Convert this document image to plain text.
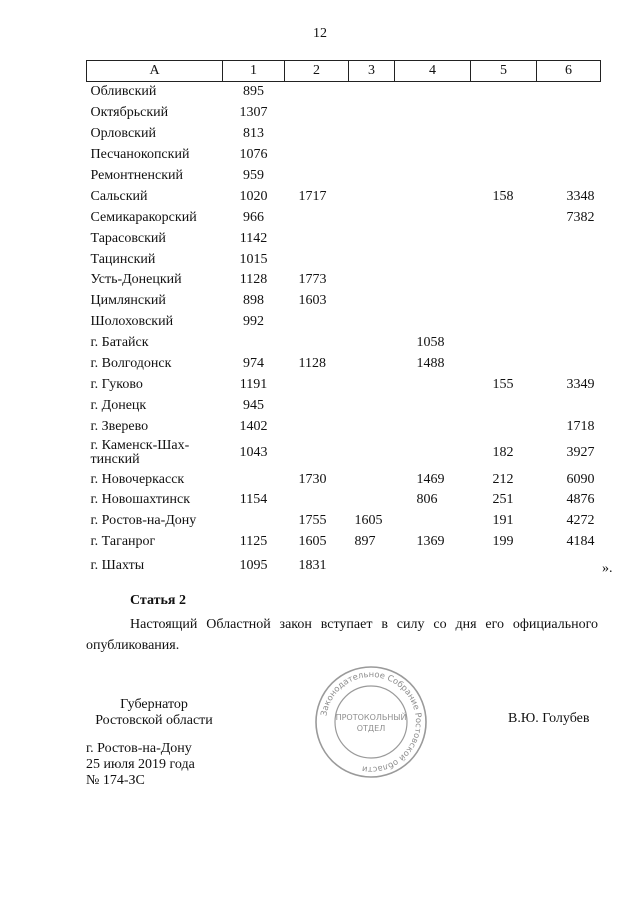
12
А	1	2	3	4	5	6
Обливский	895					
Октябрьский	1307					
Орловский	813					
Песчанокопский	1076					
Ремонтненский	959					
Сальский	1020	1717			158	3348
Семикаракорский	966					7382
Тарасовский	1142					
Тацинский	1015					
Усть-Донецкий	1128	1773				
Цимлянский	898	1603				
Шолоховский	992					
г. Батайск				1058		
г. Волгодонск	974	1128		1488		
г. Гуково	1191				155	3349
г. Донецк	945					
г. Зверево	1402					1718
г. Каменск-Шах-
тинский	1043				182	3927
г. Новочеркасск		1730		1469	212	6090
г. Новошахтинск	1154			806	251	4876
г. Ростов-на-Дону		1755	1605		191	4272
г. Таганрог	1125	1605	897	1369	199	4184
г. Шахты	1095	1831					».
Статья 2
Настоящий Областной закон вступает в силу со дня его официального опубликования.
Губернатор
Ростовской области	Законодательное Собрание Ростовской области
ПРОТОКОЛЬНЫЙ
ОТДЕЛ
В.Ю. Голубев
г. Ростов-на-Дону
25 июля 2019 года
№ 174-ЗС
